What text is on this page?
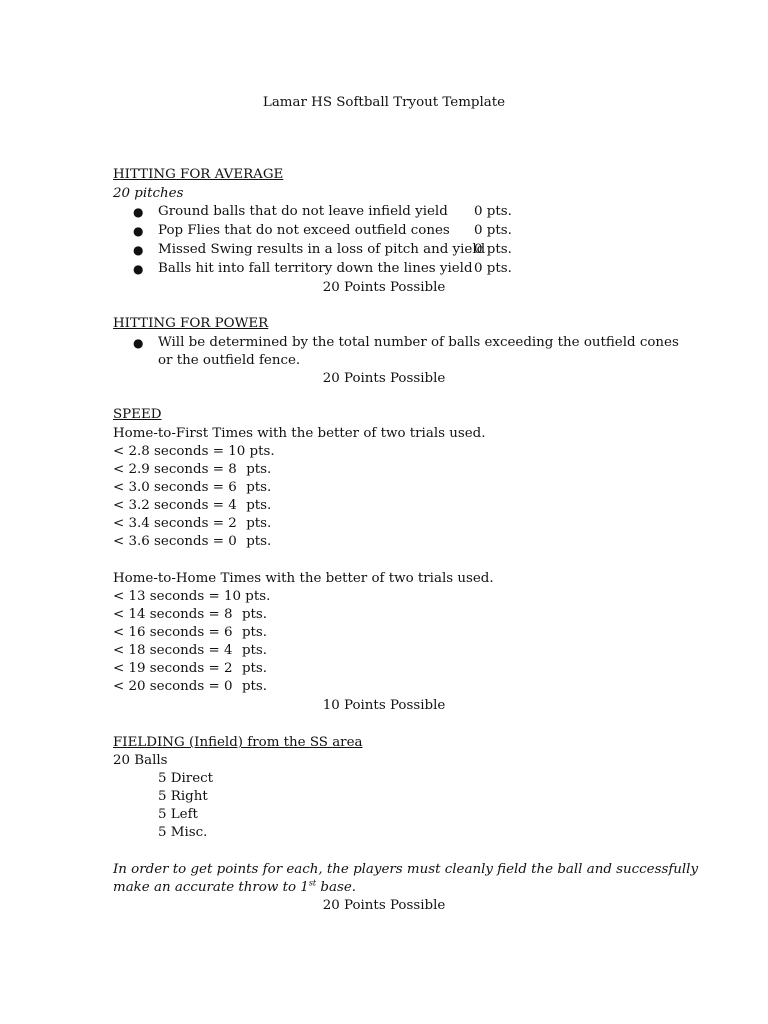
Lamar HS Softball Tryout Template
HITTING FOR AVERAGE
20 pitches
● Ground balls that do not leave infield yield 0 pts.
● Pop Flies that do not exceed outfield cones 0 pts.
● Missed Swing results in a loss of pitch and yield
0 pts.
● Balls hit into fall territory down the lines yield 0 pts.
20 Points Possible
HITTING FOR POWER
● Will be determined by the total number of balls exceeding the outfield cones
or the outfield fence.
20 Points Possible
SPEED
Home-to-First Times with the better of two trials used.
< 2.8 seconds = 10 pts.
< 2.9 seconds = 8 pts.
< 3.0 seconds = 6 pts.
< 3.2 seconds = 4 pts.
< 3.4 seconds = 2 pts.
< 3.6 seconds = 0 pts.
Home-to-Home Times with the better of two trials used.
< 13 seconds = 10 pts.
< 14 seconds = 8 pts.
< 16 seconds = 6 pts.
< 18 seconds = 4 pts.
< 19 seconds = 2 pts.
< 20 seconds = 0 pts.
10 Points Possible
FIELDING (Infield) from the SS area
20 Balls
5 Direct
5 Right
5 Left
5 Misc.
In order to get points for each, the players must cleanly field the ball and successfully
make an accurate throw to 1st base.
20 Points Possible
